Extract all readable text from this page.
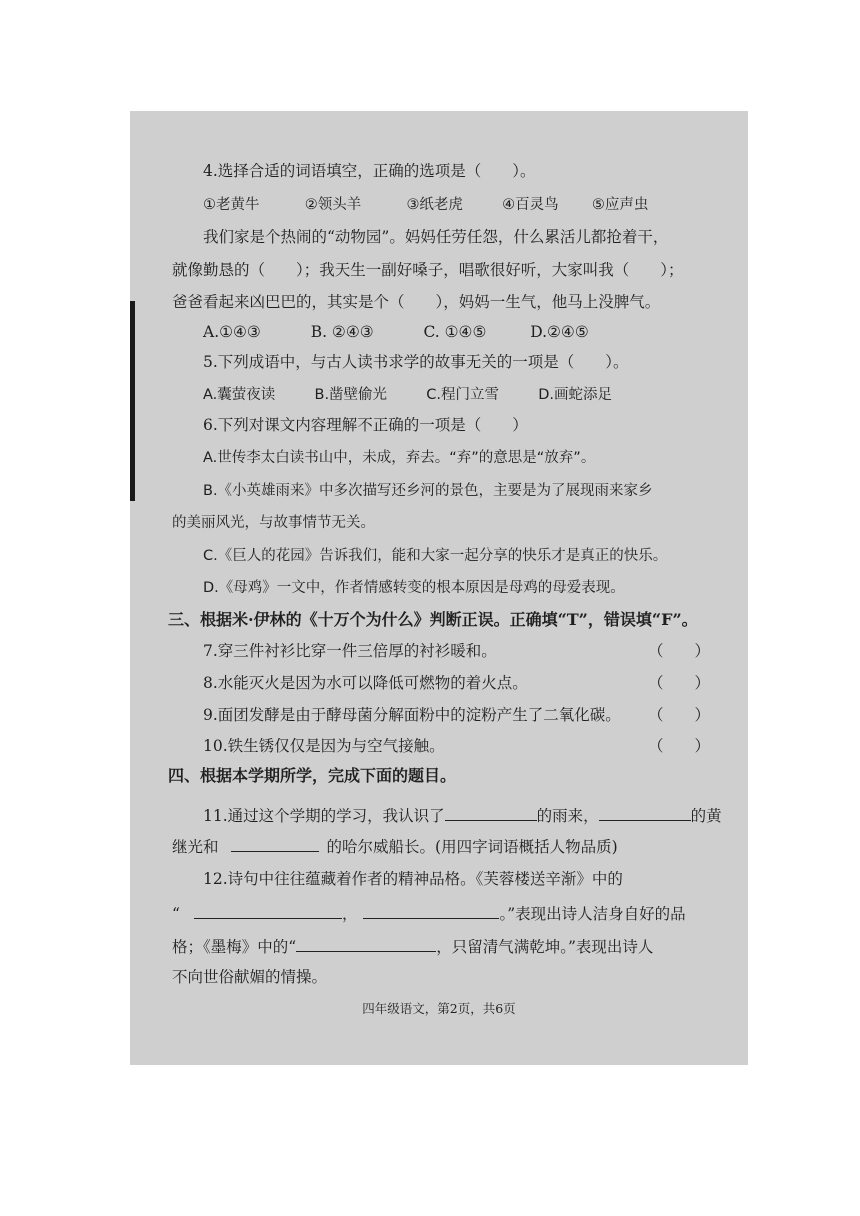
4.选择合适的词语填空，正确的选项是（　　）。
①老黄牛	②领头羊	③纸老虎	④百灵鸟 ⑤应声虫
我们家是个热闹的“动物园”。妈妈任劳任怨，什么累活儿都抢着干，
就像勤恳的（　　）；我天生一副好嗓子，唱歌很好听，大家叫我（　　）；
爸爸看起来凶巴巴的，其实是个（　　），妈妈一生气，他马上没脾气。
A.①④③	B. ②④③	C. ①④⑤	D.②④⑤
5.下列成语中，与古人读书求学的故事无关的一项是（　　）。
A.囊萤夜读	B.凿壁偷光	C.程门立雪	D.画蛇添足
6.下列对课文内容理解不正确的一项是（　　）
A.世传李太白读书山中，未成，弃去。“弃”的意思是“放弃”。
B.《小英雄雨来》中多次描写还乡河的景色，主要是为了展现雨来家乡
的美丽风光，与故事情节无关。
C.《巨人的花园》告诉我们，能和大家一起分享的快乐才是真正的快乐。
D.《母鸡》一文中，作者情感转变的根本原因是母鸡的母爱表现。
三、根据米·伊林的《十万个为什么》判断正误。正确填“T”，错误填“F”。
7.穿三件衬衫比穿一件三倍厚的衬衫暖和。	（　　）
8.水能灭火是因为水可以降低可燃物的着火点。	（　　）
9.面团发酵是由于酵母菌分解面粉中的淀粉产生了二氧化碳。 （　　）
10.铁生锈仅仅是因为与空气接触。	（　　）
四、根据本学期所学，完成下面的题目。
11.通过这个学期的学习，我认识了	的雨来，	的黄
继光和	的哈尔威船长。(用四字词语概括人物品质)
12.诗句中往往蕴藏着作者的精神品格。《芙蓉楼送辛渐》中的
“	，	。”表现出诗人洁身自好的品
格；《墨梅》中的“	，只留清气满乾坤。”表现出诗人
不向世俗献媚的情操。
四年级语文，第2页，共6页
